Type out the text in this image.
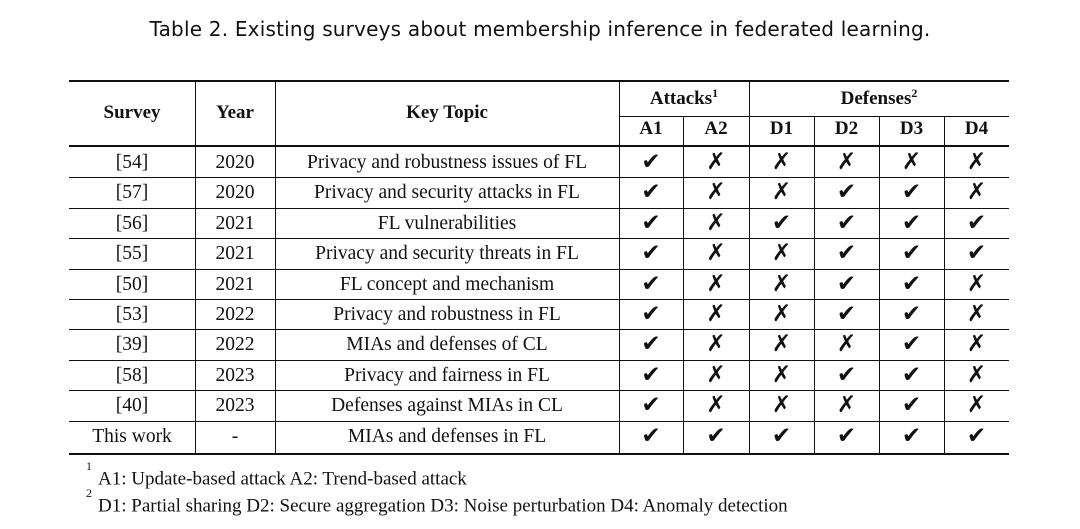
Table 2. Existing surveys about membership inference in federated learning.
Survey	Year	Key Topic
Attacks$^1$	Defenses$^2$
A1	A2	D1	D2	D3	D4
[54]	2020	Privacy and robustness issues of FL	✔	✗	✗	✗	✗	✗
[57]	2020	Privacy and security attacks in FL	✔	✗	✗	✔	✔	✗
[56]	2021	FL vulnerabilities	✔	✗	✔	✔	✔	✔
[55]	2021	Privacy and security threats in FL	✔	✗	✗	✔	✔	✔
[50]	2021	FL concept and mechanism	✔	✗	✗	✔	✔	✗
[53]	2022	Privacy and robustness in FL	✔	✗	✗	✔	✔	✗
[39]	2022	MIAs and defenses of CL	✔	✗	✗	✗	✔	✗
[58]	2023	Privacy and fairness in FL	✔	✗	✗	✔	✔	✗
[40]	2023	Defenses against MIAs in CL	✔	✗	✗	✗	✔	✗
This work	-	MIAs and defenses in FL	✔	✔	✔	✔	✔	✔
$^1$A1: Update-based attack A2: Trend-based attack
$^2$D1: Partial sharing D2: Secure aggregation D3: Noise perturbation D4: Anomaly detection
